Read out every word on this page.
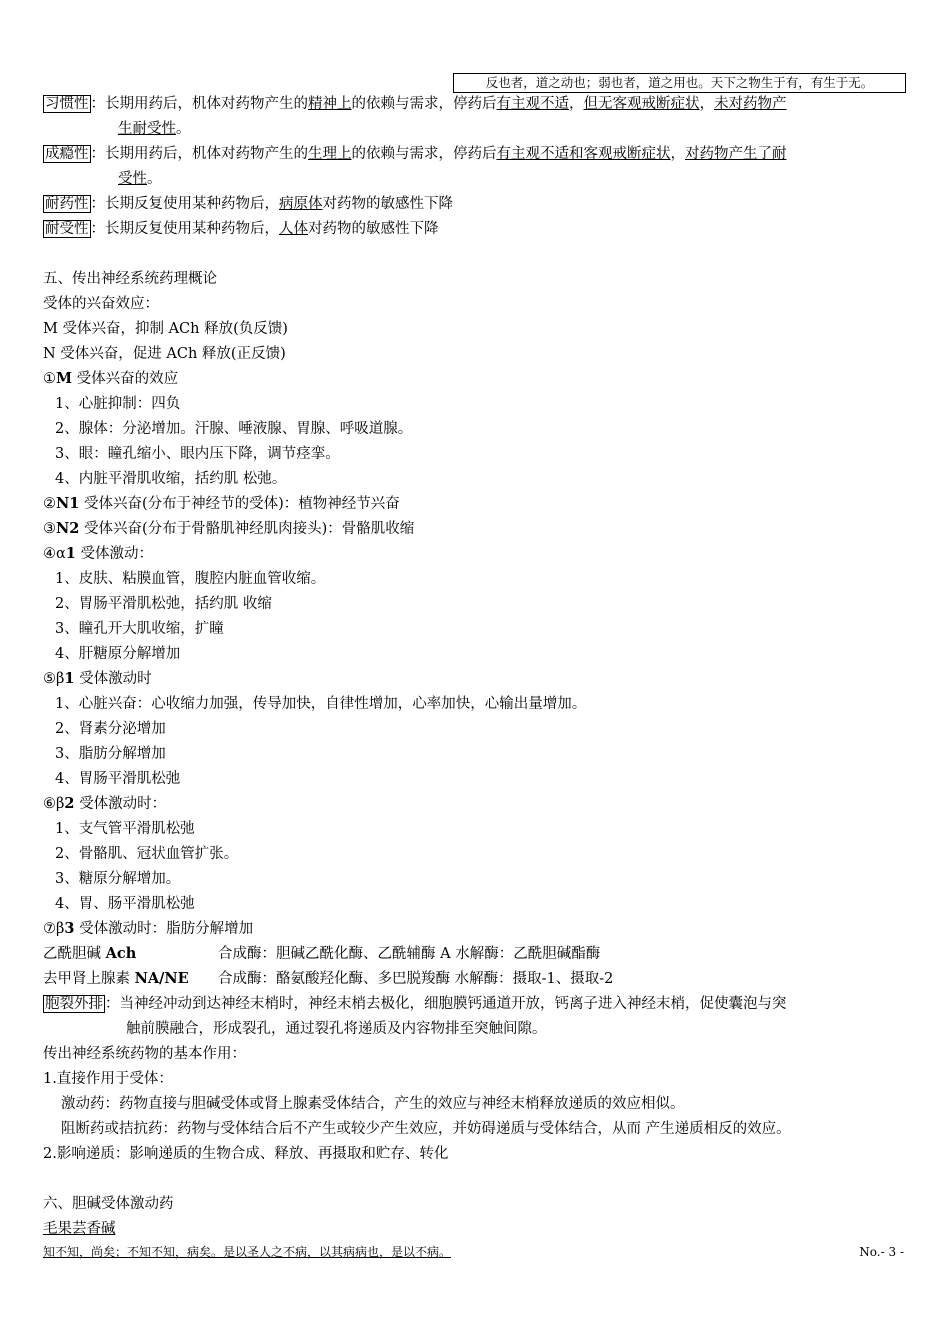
反也者，道之动也；弱也者，道之用也。天下之物生于有，有生于无。
习惯性 ：长期用药后，机体对药物产生的精神上的依赖与需求，停药后有主观不适，但无客观戒断症状，未对药物产
生耐受性。
成瘾性 ：长期用药后，机体对药物产生的生理上的依赖与需求，停药后有主观不适和客观戒断症状，对药物产生了耐
受性。
耐药性 ：长期反复使用某种药物后，病原体对药物的敏感性下降
耐受性 ：长期反复使用某种药物后，人体对药物的敏感性下降
五、传出神经系统药理概论
受体的兴奋效应：
M 受体兴奋，抑制 ACh 释放(负反馈)
N 受体兴奋，促进 ACh 释放(正反馈)
①M 受体兴奋的效应
1、心脏抑制：四负
2、腺体：分泌增加。汗腺、唾液腺、胃腺、呼吸道腺。
3、眼：瞳孔缩小、眼内压下降，调节痉挛。
4、内脏平滑肌收缩，括约肌 松弛。
②N1 受体兴奋(分布于神经节的受体)：植物神经节兴奋
③N2 受体兴奋(分布于骨骼肌神经肌肉接头)：骨骼肌收缩
④α1 受体激动：
1、皮肤、粘膜血管，腹腔内脏血管收缩。
2、胃肠平滑肌松弛，括约肌 收缩
3、瞳孔开大肌收缩，扩瞳
4、肝糖原分解增加
⑤β1 受体激动时
1、心脏兴奋：心收缩力加强，传导加快，自律性增加，心率加快，心输出量增加。
2、肾素分泌增加
3、脂肪分解增加
4、胃肠平滑肌松弛
⑥β2 受体激动时：
1、支气管平滑肌松弛
2、骨骼肌、冠状血管扩张。
3、糖原分解增加。
4、胃、肠平滑肌松弛
⑦β3 受体激动时：脂肪分解增加
乙酰胆碱 Ach	合成酶：胆碱乙酰化酶、乙酰辅酶 A 水解酶：乙酰胆碱酯酶
去甲肾上腺素 NA/NE 合成酶：酪氨酸羟化酶、多巴脱羧酶 水解酶：摄取-1、摄取-2
胞裂外排 ：当神经冲动到达神经末梢时，神经末梢去极化，细胞膜钙通道开放，钙离子进入神经末梢，促使囊泡与突
触前膜融合，形成裂孔，通过裂孔将递质及内容物排至突触间隙。
传出神经系统药物的基本作用：
1.直接作用于受体：
激动药：药物直接与胆碱受体或肾上腺素受体结合，产生的效应与神经末梢释放递质的效应相似。
阻断药或拮抗药：药物与受体结合后不产生或较少产生效应，并妨碍递质与受体结合，从而 产生递质相反的效应。
2.影响递质：影响递质的生物合成、释放、再摄取和贮存、转化
六、胆碱受体激动药
毛果芸香碱
知不知，尚矣；不知不知，病矣。是以圣人之不病，以其病病也，是以不病。	No.- 3 -
